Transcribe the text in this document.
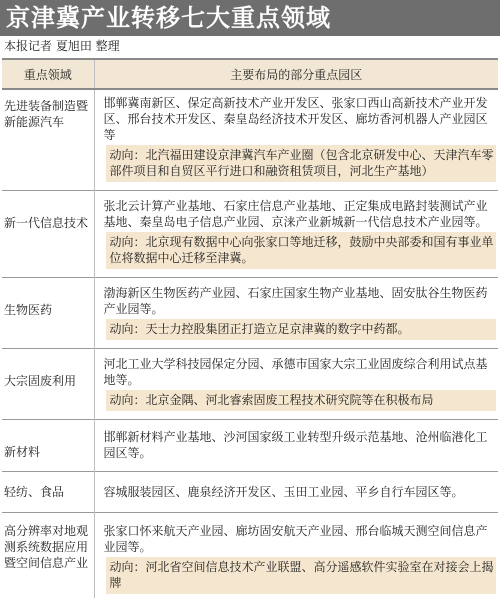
京津冀产业转移七大重点领域
本报记者 夏旭田 整理
重点领域	主要布局的部分重点园区
先进装备制造暨新能源汽车	邯郸冀南新区、保定高新技术产业开发区、张家口西山高新技术产业开发区、邢台技术开发区、秦皇岛经济技术开发区、廊坊香河机器人产业园区等

	动向：北汽福田建设京津冀汽车产业圈（包含北京研发中心、天津汽车零部件项目和自贸区平行进口和融资租赁项目，河北生产基地）

新一代信息技术	张北云计算产业基地、石家庄信息产业基地、正定集成电路封装测试产业基地、秦皇岛电子信息产业园、京涞产业新城新一代信息技术产业园等。

	动向：北京现有数据中心向张家口等地迁移，鼓励中央部委和国有事业单位将数据中心迁移至津冀。

生物医药	渤海新区生物医药产业园、石家庄国家生物产业基地、固安肽谷生物医药产业园等。

	动向：天士力控股集团正打造立足京津冀的数字中药都。

大宗固废利用	河北工业大学科技园保定分园、承德市国家大宗工业固废综合利用试点基地等。

	动向：北京金隅、河北睿索固废工程技术研究院等在积极布局

新材料	邯郸新材料产业基地、沙河国家级工业转型升级示范基地、沧州临港化工园区等。
轻纺、食品	容城服装园区、鹿泉经济开发区、玉田工业园、平乡自行车园区等。
高分辨率对地观测系统数据应用暨空间信息产业	张家口怀来航天产业园、廊坊固安航天产业园、邢台临城天测空间信息产业园等。

	动向：河北省空间信息技术产业联盟、高分遥感软件实验室在对接会上揭牌
